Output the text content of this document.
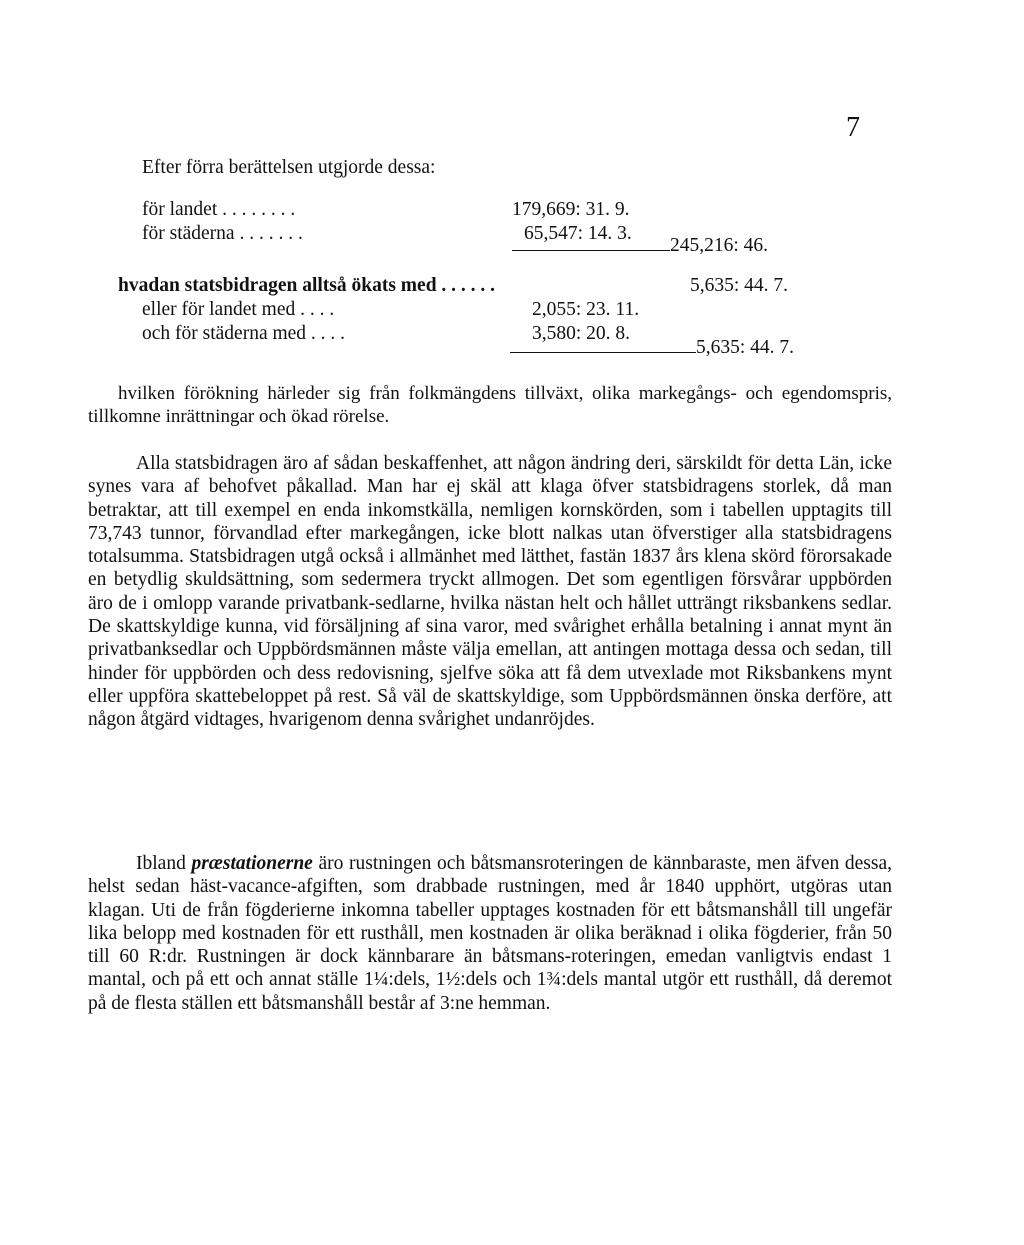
7
Efter förra berättelsen utgjorde dessa:
för landet . . . . . . . .	179,669: 31. 9.
för städerna . . . . . . .	65,547: 14. 3.
245,216: 46.
hvadan statsbidragen alltså ökats med . . . . . .	5,635: 44. 7.
eller för landet med . . . .	2,055: 23. 11.
och för städerna med . . . .	3,580: 20. 8.
5,635: 44. 7.

hvilken förökning härleder sig från folkmängdens tillväxt, olika markegångs- och egendomspris, tillkomne inrättningar och ökad rörelse.

Alla statsbidragen äro af sådan beskaffenhet, att någon ändring deri, särskildt för detta Län, icke synes vara af behofvet påkallad. Man har ej skäl att klaga öfver statsbidragens storlek, då man betraktar, att till exempel en enda inkomstkälla, nemligen kornskörden, som i tabellen upptagits till 73,743 tunnor, förvandlad efter markegången, icke blott nalkas utan öfverstiger alla statsbidragens totalsumma. Statsbidragen utgå också i allmänhet med lätthet, fastän 1837 års klena skörd förorsakade en betydlig skuldsättning, som sedermera tryckt allmogen. Det som egentligen försvårar uppbörden äro de i omlopp varande privatbank-sedlarne, hvilka nästan helt och hållet utträngt riksbankens sedlar. De skattskyldige kunna, vid försäljning af sina varor, med svårighet erhålla betalning i annat mynt än privatbanksedlar och Uppbördsmännen måste välja emellan, att antingen mottaga dessa och sedan, till hinder för uppbörden och dess redovisning, sjelfve söka att få dem utvexlade mot Riksbankens mynt eller uppföra skattebeloppet på rest. Så väl de skattskyldige, som Uppbördsmännen önska derföre, att någon åtgärd vidtages, hvarigenom denna svårighet undanröjdes.

Ibland præstationerne äro rustningen och båtsmansroteringen de kännbaraste, men äfven dessa, helst sedan häst-vacance-afgiften, som drabbade rustningen, med år 1840 upphört, utgöras utan klagan. Uti de från fögderierne inkomna tabeller upptages kostnaden för ett båtsmanshåll till ungefär lika belopp med kostnaden för ett rusthåll, men kostnaden är olika beräknad i olika fögderier, från 50 till 60 R:dr. Rustningen är dock kännbarare än båtsmans-roteringen, emedan vanligtvis endast 1 mantal, och på ett och annat ställe 1¼:dels, 1½:dels och 1¾:dels mantal utgör ett rusthåll, då deremot på de flesta ställen ett båtsmanshåll består af 3:ne hemman.
